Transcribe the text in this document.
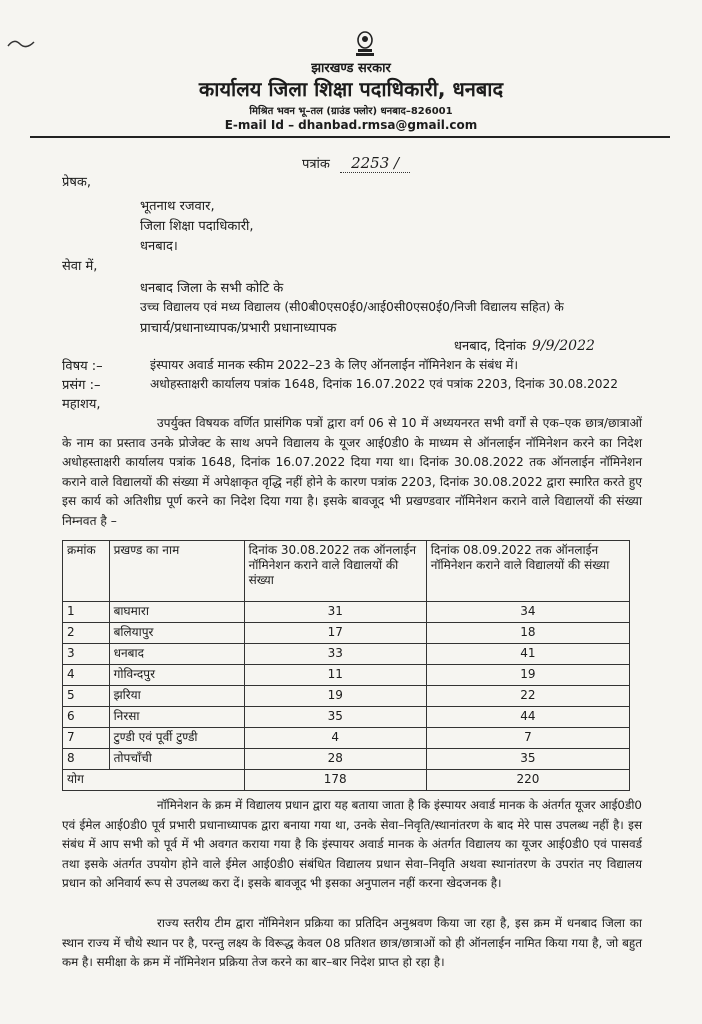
झारखण्ड सरकार
कार्यालय जिला शिक्षा पदाधिकारी, धनबाद
मिश्रित भवन भू–तल (ग्राउंड फ्लोर) धनबाद–826001
E-mail Id – dhanbad.rmsa@gmail.com
पत्रांक 2253 /
प्रेषक,
भूतनाथ रजवार,
जिला शिक्षा पदाधिकारी,
धनबाद।
सेवा में,
धनबाद जिला के सभी कोटि के
उच्च विद्यालय एवं मध्य विद्यालय (सी0बी0एस0ई0/आई0सी0एस0ई0/निजी विद्यालय सहित) के
प्राचार्य/प्रधानाध्यापक/प्रभारी प्रधानाध्यापक
धनबाद, दिनांक 9/9/2022
विषय :–	इंस्पायर अवार्ड मानक स्कीम 2022–23 के लिए ऑनलाईन नॉमिनेशन के संबंध में।
प्रसंग :–	अधोहस्ताक्षरी कार्यालय पत्रांक 1648, दिनांक 16.07.2022 एवं पत्रांक 2203, दिनांक 30.08.2022
महाशय,
उपर्युक्त विषयक वर्णित प्रासंगिक पत्रों द्वारा वर्ग 06 से 10 में अध्ययनरत सभी वर्गों से एक–एक छात्र/छात्राओं के नाम का प्रस्ताव उनके प्रोजेक्ट के साथ अपने विद्यालय के यूजर आई0डी0 के माध्यम से ऑनलाईन नॉमिनेशन करने का निदेश अधोहस्ताक्षरी कार्यालय पत्रांक 1648, दिनांक 16.07.2022 दिया गया था। दिनांक 30.08.2022 तक ऑनलाईन नॉमिनेशन कराने वाले विद्यालयों की संख्या में अपेक्षाकृत वृद्धि नहीं होने के कारण पत्रांक 2203, दिनांक 30.08.2022 द्वारा स्मारित करते हुए इस कार्य को अतिशीघ्र पूर्ण करने का निदेश दिया गया है। इसके बावजूद भी प्रखण्डवार नॉमिनेशन कराने वाले विद्यालयों की संख्या निम्नवत है –
क्रमांक	प्रखण्ड का नाम	दिनांक 30.08.2022 तक ऑनलाईन नॉमिनेशन कराने वाले विद्यालयों की संख्या	दिनांक 08.09.2022 तक ऑनलाईन नॉमिनेशन कराने वाले विद्यालयों की संख्या
1	बाघमारा	31	34
2	बलियापुर	17	18
3	धनबाद	33	41
4	गोविन्दपुर	11	19
5	झरिया	19	22
6	निरसा	35	44
7	टुण्डी एवं पूर्वी टुण्डी	4	7
8	तोपचाँची	28	35
योग		178	220
नॉमिनेशन के क्रम में विद्यालय प्रधान द्वारा यह बताया जाता है कि इंस्पायर अवार्ड मानक के अंतर्गत यूजर आई0डी0 एवं ईमेल आई0डी0 पूर्व प्रभारी प्रधानाध्यापक द्वारा बनाया गया था, उनके सेवा–निवृति/स्थानांतरण के बाद मेरे पास उपलब्ध नहीं है। इस संबंध में आप सभी को पूर्व में भी अवगत कराया गया है कि इंस्पायर अवार्ड मानक के अंतर्गत विद्यालय का यूजर आई0डी0 एवं पासवर्ड तथा इसके अंतर्गत उपयोग होने वाले ईमेल आई0डी0 संबंधित विद्यालय प्रधान सेवा–निवृति अथवा स्थानांतरण के उपरांत नए विद्यालय प्रधान को अनिवार्य रूप से उपलब्ध करा दें। इसके बावजूद भी इसका अनुपालन नहीं करना खेदजनक है।
राज्य स्तरीय टीम द्वारा नॉमिनेशन प्रक्रिया का प्रतिदिन अनुश्रवण किया जा रहा है, इस क्रम में धनबाद जिला का स्थान राज्य में चौथे स्थान पर है, परन्तु लक्ष्य के विरूद्ध केवल 08 प्रतिशत छात्र/छात्राओं को ही ऑनलाईन नामित किया गया है, जो बहुत कम है। समीक्षा के क्रम में नॉमिनेशन प्रक्रिया तेज करने का बार–बार निदेश प्राप्त हो रहा है।
